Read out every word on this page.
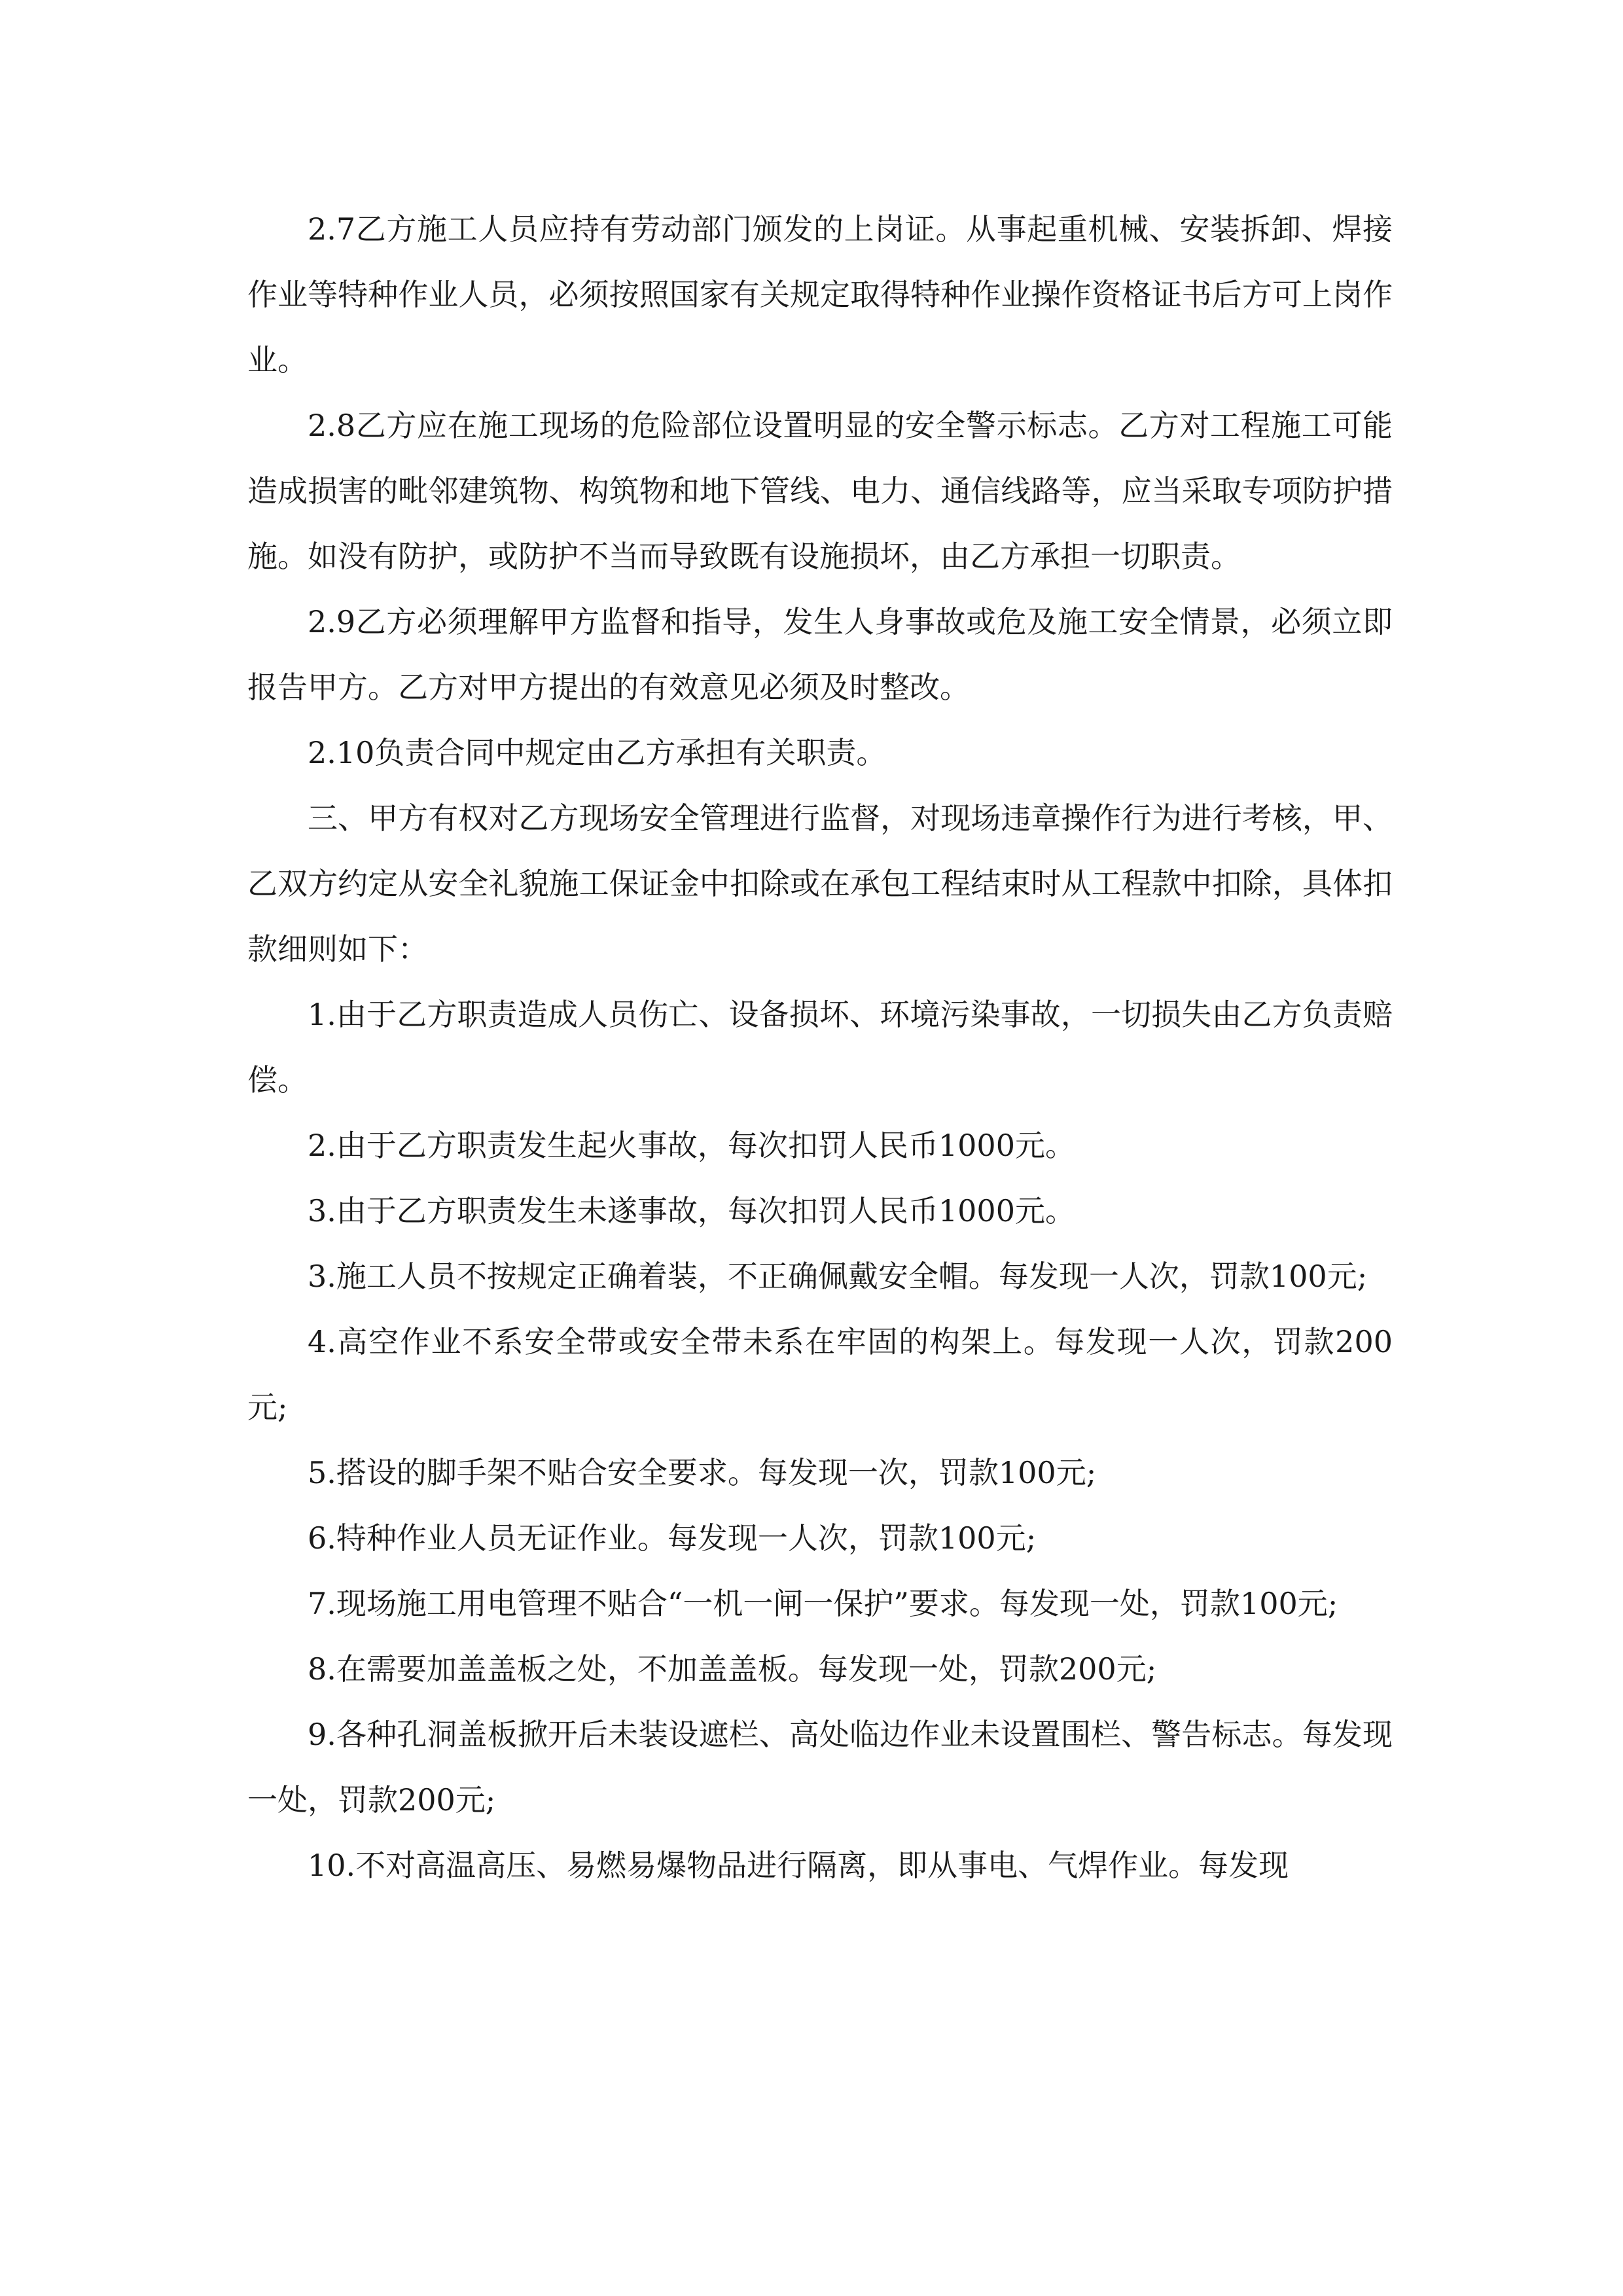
2.7乙方施工人员应持有劳动部门颁发的上岗证。从事起重机械、安装拆卸、焊接作业等特种作业人员，必须按照国家有关规定取得特种作业操作资格证书后方可上岗作业。

2.8乙方应在施工现场的危险部位设置明显的安全警示标志。乙方对工程施工可能造成损害的毗邻建筑物、构筑物和地下管线、电力、通信线路等，应当采取专项防护措施。如没有防护，或防护不当而导致既有设施损坏，由乙方承担一切职责。

2.9乙方必须理解甲方监督和指导，发生人身事故或危及施工安全情景，必须立即报告甲方。乙方对甲方提出的有效意见必须及时整改。

2.10负责合同中规定由乙方承担有关职责。

三、甲方有权对乙方现场安全管理进行监督，对现场违章操作行为进行考核，甲、乙双方约定从安全礼貌施工保证金中扣除或在承包工程结束时从工程款中扣除，具体扣款细则如下：

1.由于乙方职责造成人员伤亡、设备损坏、环境污染事故，一切损失由乙方负责赔偿。

2.由于乙方职责发生起火事故，每次扣罚人民币1000元。

3.由于乙方职责发生未遂事故，每次扣罚人民币1000元。

3.施工人员不按规定正确着装，不正确佩戴安全帽。每发现一人次，罚款100元;

4.高空作业不系安全带或安全带未系在牢固的构架上。每发现一人次，罚款200元;

5.搭设的脚手架不贴合安全要求。每发现一次，罚款100元;

6.特种作业人员无证作业。每发现一人次，罚款100元;

7.现场施工用电管理不贴合“一机一闸一保护”要求。每发现一处，罚款100元;

8.在需要加盖盖板之处，不加盖盖板。每发现一处，罚款200元;

9.各种孔洞盖板掀开后未装设遮栏、高处临边作业未设置围栏、警告标志。每发现一处，罚款200元;

10.不对高温高压、易燃易爆物品进行隔离，即从事电、气焊作业。每发现
